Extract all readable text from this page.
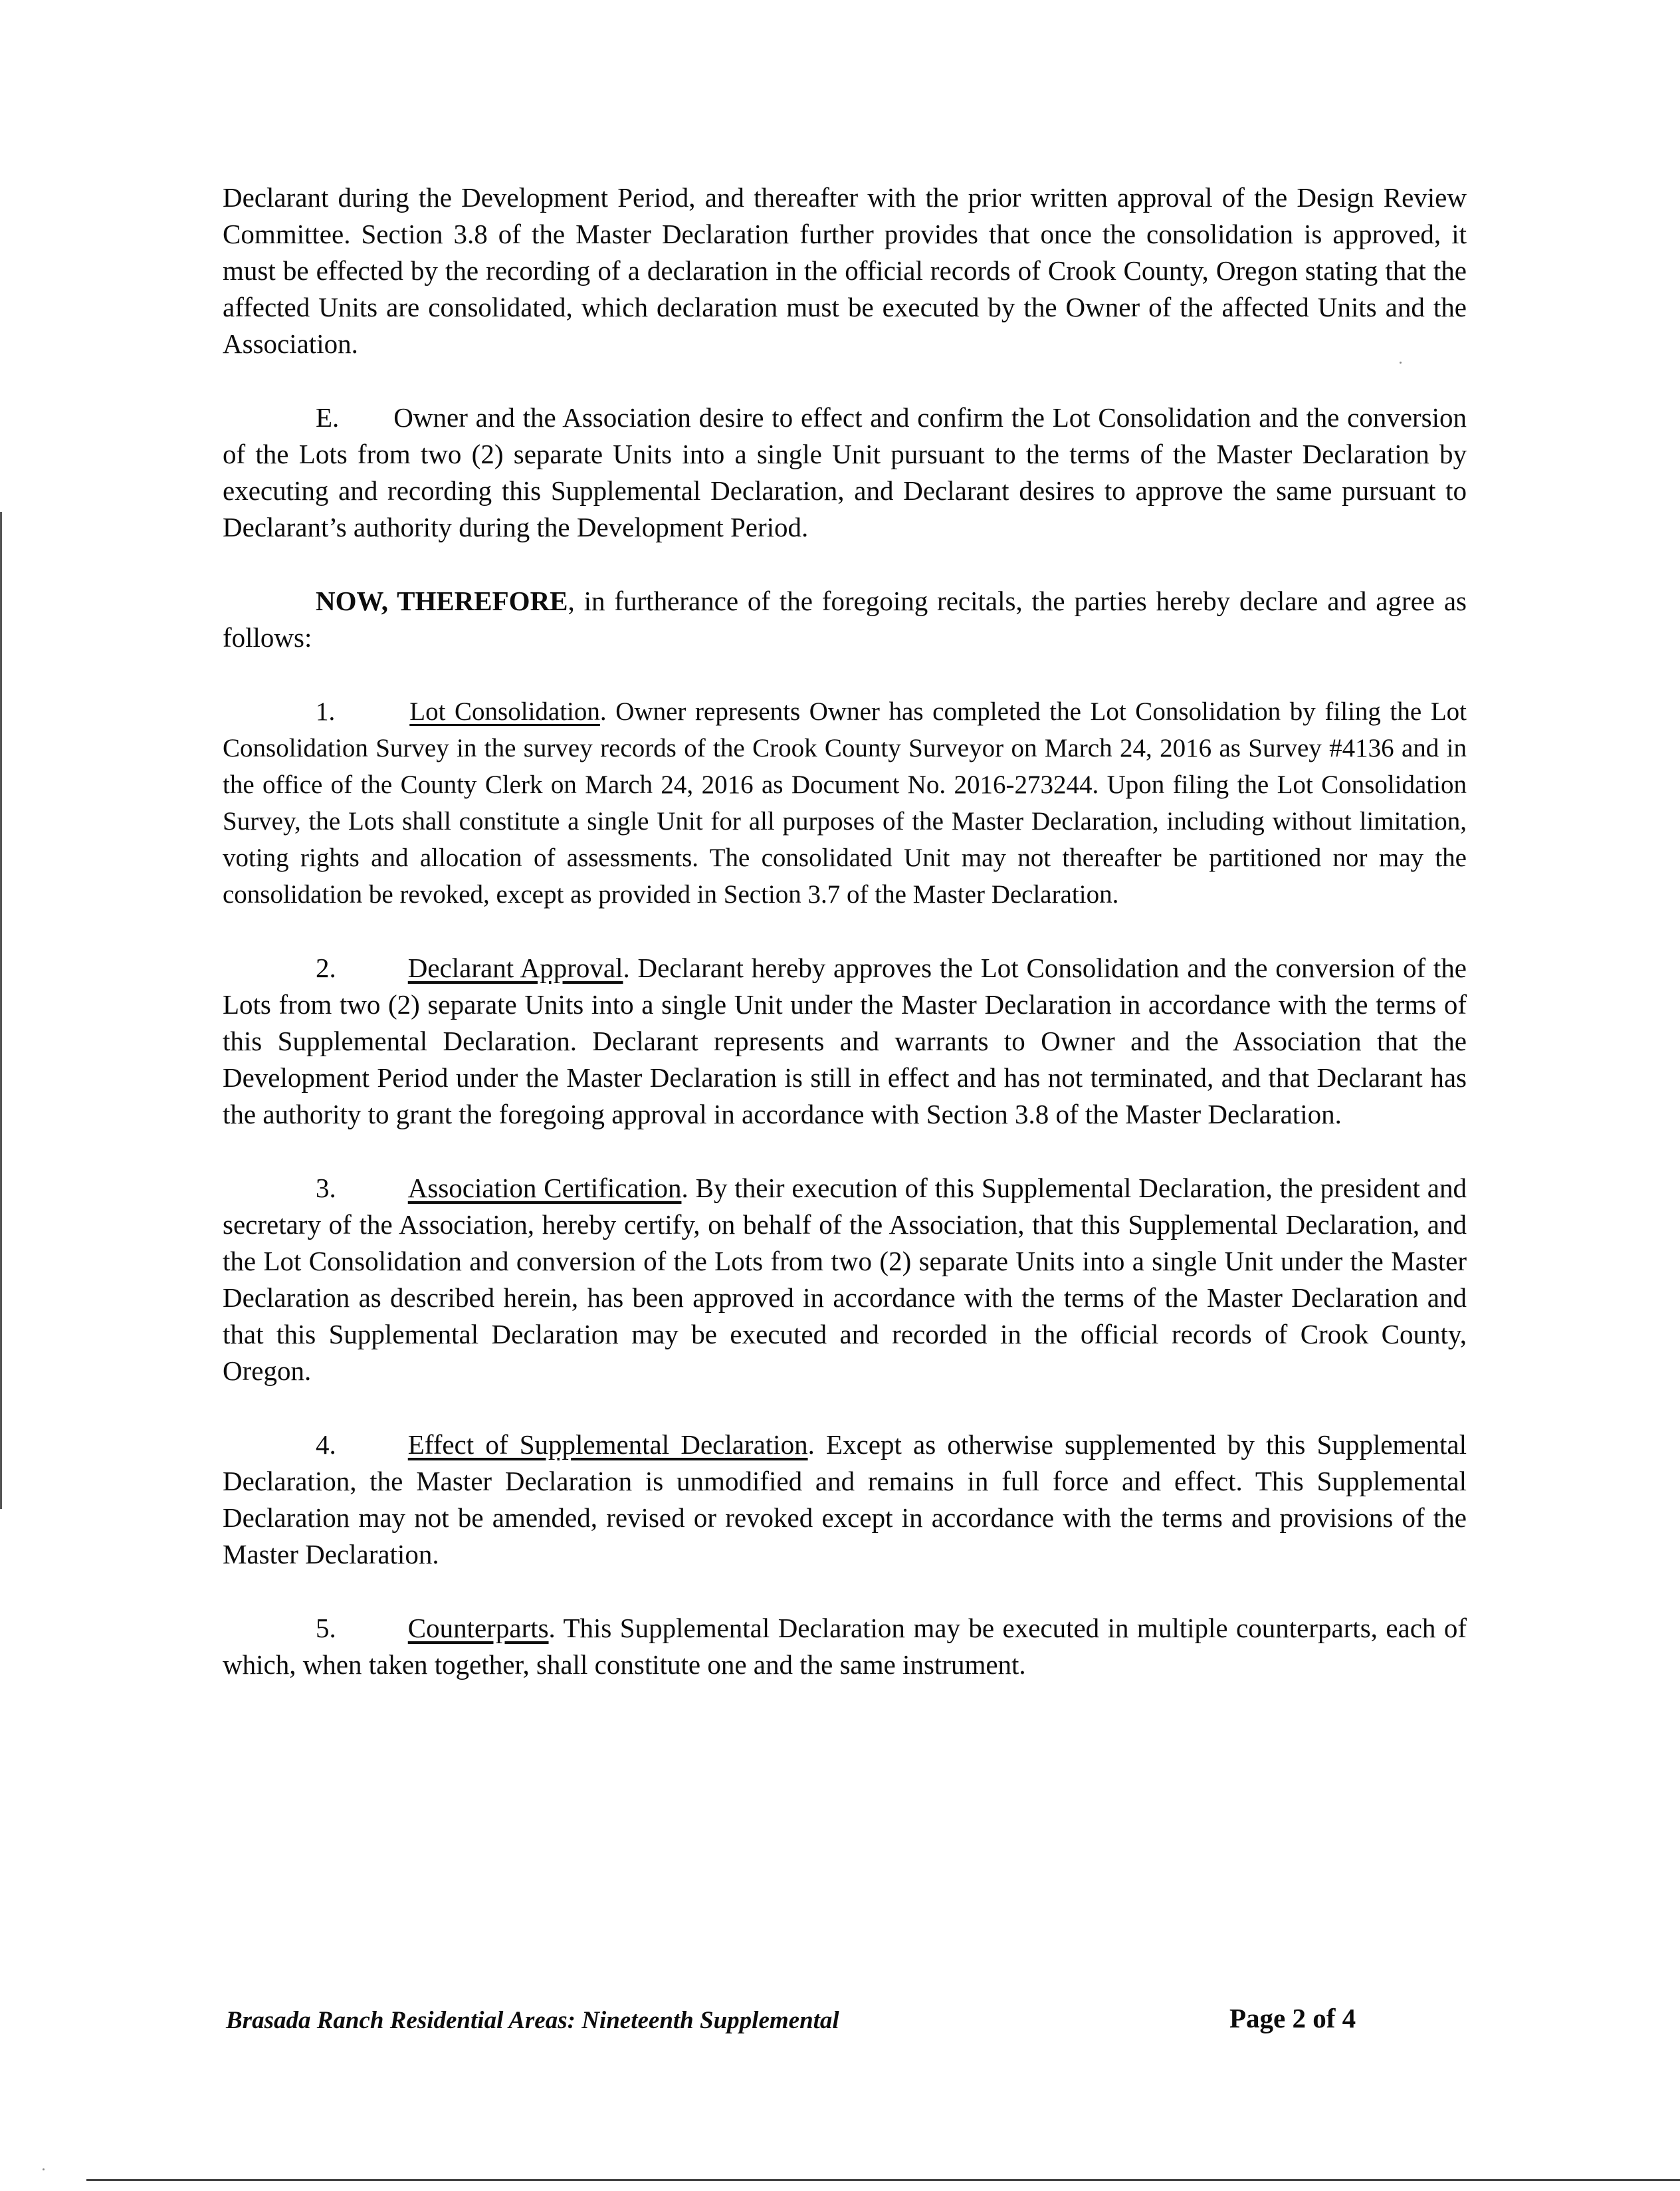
Declarant during the Development Period, and thereafter with the prior written approval of the Design Review Committee. Section 3.8 of the Master Declaration further provides that once the consolidation is approved, it must be effected by the recording of a declaration in the official records of Crook County, Oregon stating that the affected Units are consolidated, which declaration must be executed by the Owner of the affected Units and the Association.

E. Owner and the Association desire to effect and confirm the Lot Consolidation and the conversion of the Lots from two (2) separate Units into a single Unit pursuant to the terms of the Master Declaration by executing and recording this Supplemental Declaration, and Declarant desires to approve the same pursuant to Declarant’s authority during the Development Period.

NOW, THEREFORE, in furtherance of the foregoing recitals, the parties hereby declare and agree as follows:

1.	Lot Consolidation. Owner represents Owner has completed the Lot Consolidation by filing the Lot Consolidation Survey in the survey records of the Crook County Surveyor on March 24, 2016 as Survey #4136 and in the office of the County Clerk on March 24, 2016 as Document No. 2016-273244. Upon filing the Lot Consolidation Survey, the Lots shall constitute a single Unit for all purposes of the Master Declaration, including without limitation, voting rights and allocation of assessments. The consolidated Unit may not thereafter be partitioned nor may the consolidation be revoked, except as provided in Section 3.7 of the Master Declaration.

2.	Declarant Approval. Declarant hereby approves the Lot Consolidation and the conversion of the Lots from two (2) separate Units into a single Unit under the Master Declaration in accordance with the terms of this Supplemental Declaration. Declarant represents and warrants to Owner and the Association that the Development Period under the Master Declaration is still in effect and has not terminated, and that Declarant has the authority to grant the foregoing approval in accordance with Section 3.8 of the Master Declaration.

3.	Association Certification. By their execution of this Supplemental Declaration, the president and secretary of the Association, hereby certify, on behalf of the Association, that this Supplemental Declaration, and the Lot Consolidation and conversion of the Lots from two (2) separate Units into a single Unit under the Master Declaration as described herein, has been approved in accordance with the terms of the Master Declaration and that this Supplemental Declaration may be executed and recorded in the official records of Crook County, Oregon.

4.	Effect of Supplemental Declaration. Except as otherwise supplemented by this Supplemental Declaration, the Master Declaration is unmodified and remains in full force and effect. This Supplemental Declaration may not be amended, revised or revoked except in accordance with the terms and provisions of the Master Declaration.

5.	Counterparts. This Supplemental Declaration may be executed in multiple counterparts, each of which, when taken together, shall constitute one and the same instrument.

Brasada Ranch Residential Areas: Nineteenth Supplemental	Page 2 of 4
